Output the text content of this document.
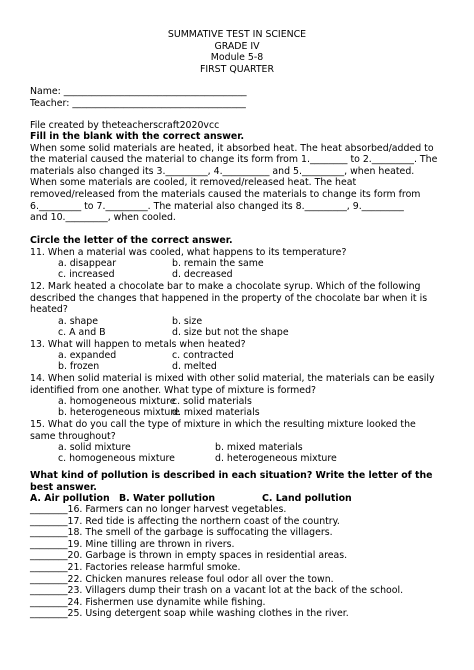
SUMMATIVE TEST IN SCIENCE
GRADE IV
Module 5-8
FIRST QUARTER
Name: _______________________________________
Teacher: _____________________________________
File created by theteacherscraft2020vcc
Fill in the blank with the correct answer.
When some solid materials are heated, it absorbed heat. The heat absorbed/added to
the material caused the material to change its form from 1.________ to 2._________. The
materials also changed its 3._________, 4.__________ and 5._________, when heated.
When some materials are cooled, it removed/released heat. The heat
removed/released from the materials caused the materials to change its form from
6._________ to 7._________. The material also changed its 8._________, 9._________
and 10._________, when cooled.
Circle the letter of the correct answer.
11. When a material was cooled, what happens to its temperature?
a. disappear	b. remain the same
c. increased	d. decreased
12. Mark heated a chocolate bar to make a chocolate syrup. Which of the following
described the changes that happened in the property of the chocolate bar when it is
heated?
a. shape	b. size
c. A and B	d. size but not the shape
13. What will happen to metals when heated?
a. expanded	c. contracted
b. frozen	d. melted
14. When solid material is mixed with other solid material, the materials can be easily
identified from one another. What type of mixture is formed?
a. homogeneous mixture
c. solid materials
b. heterogeneous mixture
d. mixed materials
15. What do you call the type of mixture in which the resulting mixture looked the
same throughout?
a. solid mixture	b. mixed materials
c. homogeneous mixture	d. heterogeneous mixture
What kind of pollution is described in each situation? Write the letter of the
best answer.
A. Air pollution B. Water pollution	C. Land pollution
________16. Farmers can no longer harvest vegetables.
________17. Red tide is affecting the northern coast of the country.
________18. The smell of the garbage is suffocating the villagers.
________19. Mine tilling are thrown in rivers.
________20. Garbage is thrown in empty spaces in residential areas.
________21. Factories release harmful smoke.
________22. Chicken manures release foul odor all over the town.
________23. Villagers dump their trash on a vacant lot at the back of the school.
________24. Fishermen use dynamite while fishing.
________25. Using detergent soap while washing clothes in the river.
